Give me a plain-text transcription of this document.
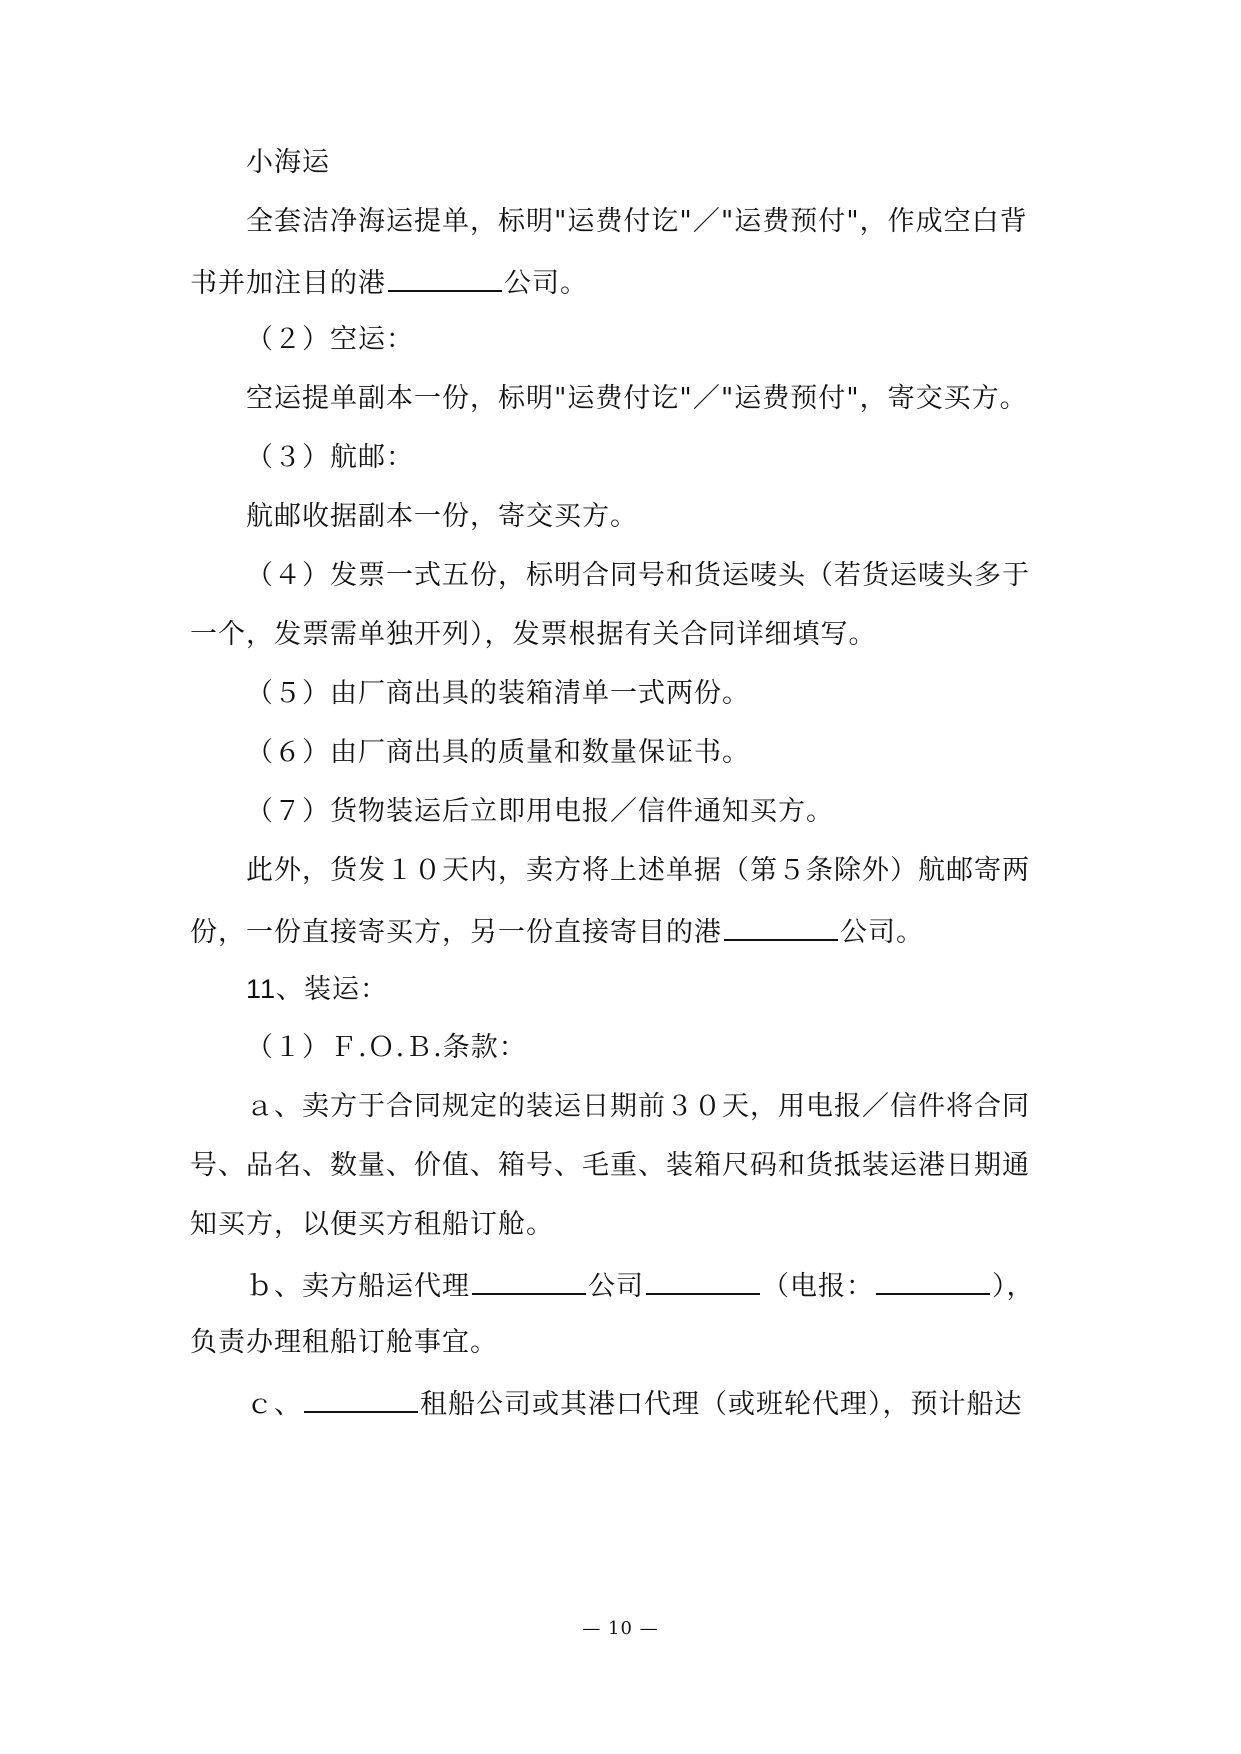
小海运
全套洁净海运提单，标明"运费付讫"／"运费预付"，作成空白背
书并加注目的港	公司。
（２）空运：
空运提单副本一份，标明"运费付讫"／"运费预付"，寄交买方。
（３）航邮：
航邮收据副本一份，寄交买方。
（４）发票一式五份，标明合同号和货运唛头（若货运唛头多于
一个，发票需单独开列），发票根据有关合同详细填写。
（５）由厂商出具的装箱清单一式两份。
（６）由厂商出具的质量和数量保证书。
（７）货物装运后立即用电报／信件通知买方。
此外，货发１０天内，卖方将上述单据（第５条除外）航邮寄两
份，一份直接寄买方，另一份直接寄目的港	公司。
11、装运：
（１）Ｆ.Ｏ.Ｂ.条款：
ａ、卖方于合同规定的装运日期前３０天，用电报／信件将合同
号、品名、数量、价值、箱号、毛重、装箱尺码和货抵装运港日期通
知买方，以便买方租船订舱。
ｂ、卖方船运代理	公司	（电报：	），
负责办理租船订舱事宜。
ｃ、	租船公司或其港口代理（或班轮代理），预计船达
— 10 —
